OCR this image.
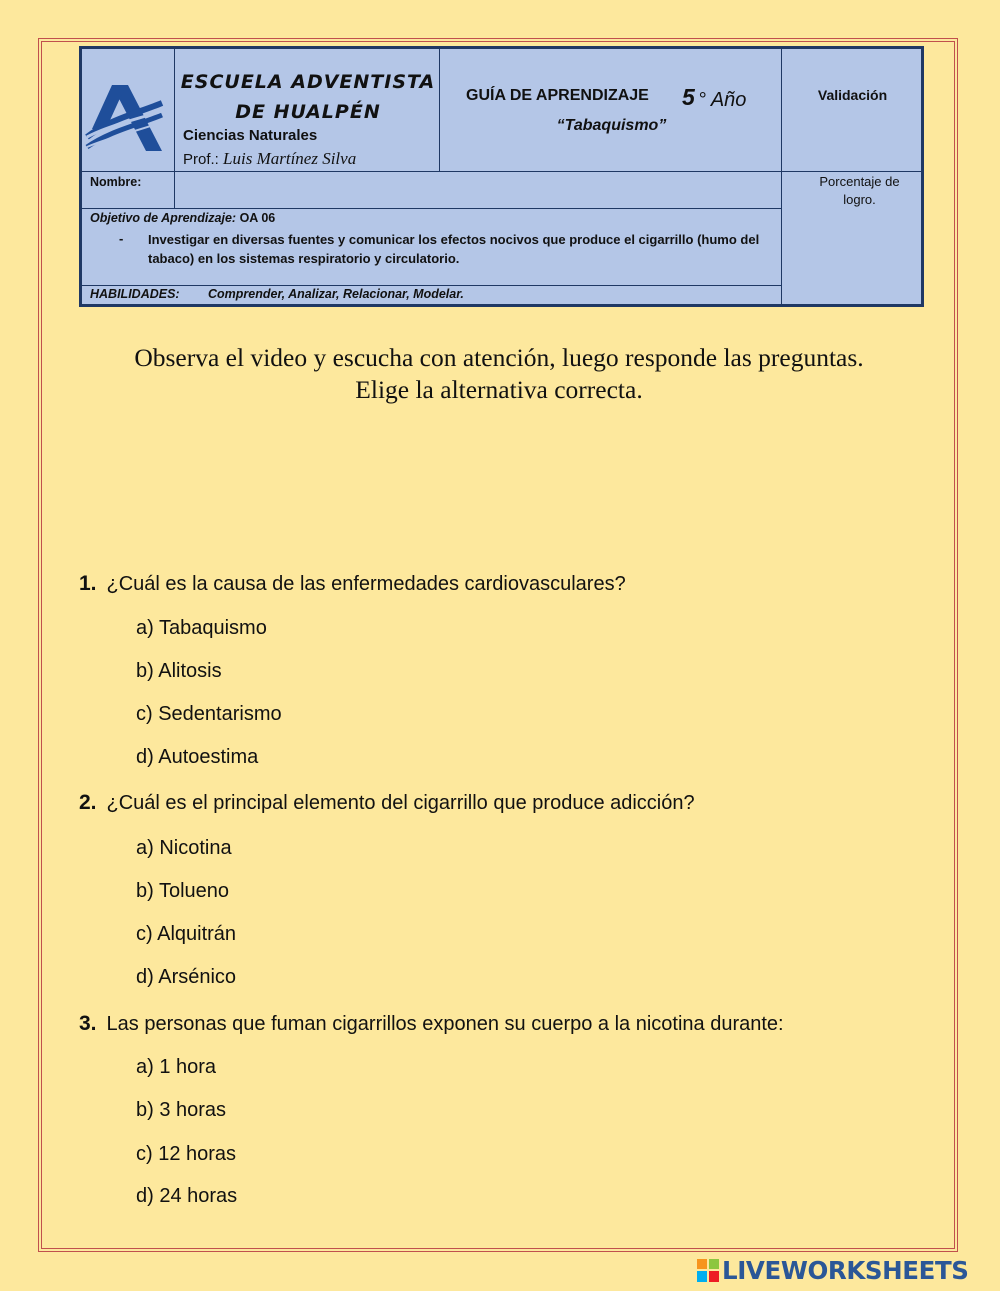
ESCUELA ADVENTISTA
DE HUALPÉN
Ciencias Naturales
Prof.: Luis Martínez Silva
GUÍA DE APRENDIZAJE 5 ° Año
“Tabaquismo”
Validación
Nombre:	Porcentaje de logro.
Objetivo de Aprendizaje: OA 06
- Investigar en diversas fuentes y comunicar los efectos nocivos que produce el cigarrillo (humo del tabaco) en los sistemas respiratorio y circulatorio.
HABILIDADES: Comprender, Analizar, Relacionar, Modelar.
Observa el video y escucha con atención, luego responde las preguntas.
Elige la alternativa correcta.
1. ¿Cuál es la causa de las enfermedades cardiovasculares?
a) Tabaquismo
b) Alitosis
c) Sedentarismo
d) Autoestima
2. ¿Cuál es el principal elemento del cigarrillo que produce adicción?
a) Nicotina
b) Tolueno
c) Alquitrán
d) Arsénico
3. Las personas que fuman cigarrillos exponen su cuerpo a la nicotina durante:
a) 1 hora
b) 3 horas
c) 12 horas
d) 24 horas
LIVEWORKSHEETS
